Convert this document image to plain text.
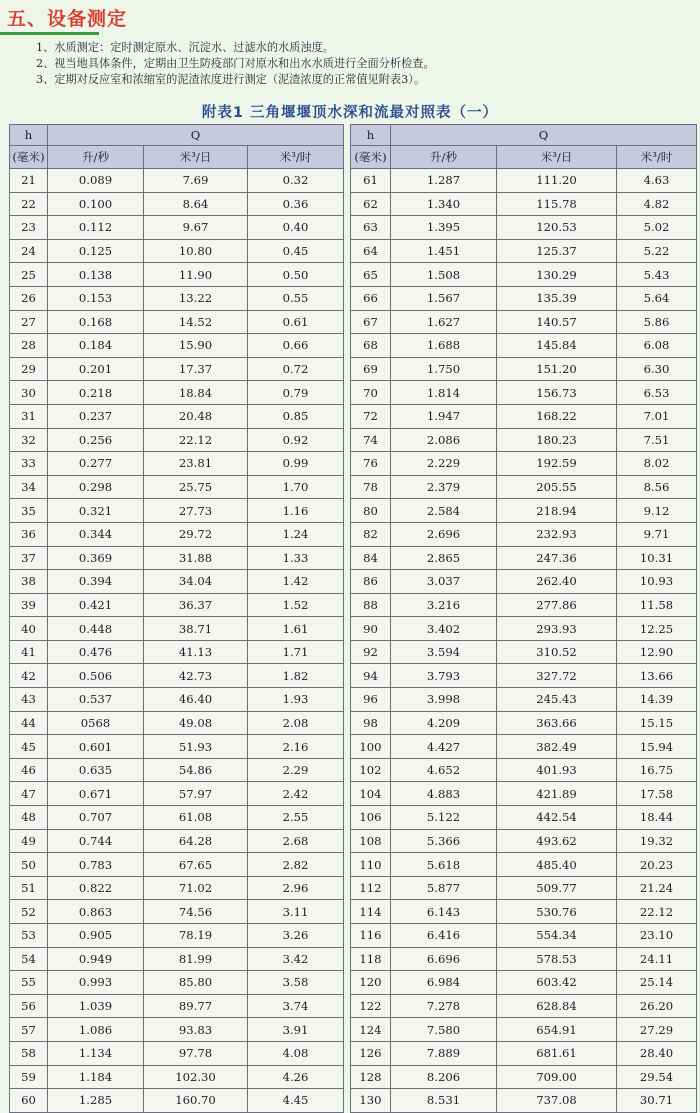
五、设备测定
1、水质测定：定时测定原水、沉淀水、过滤水的水质浊度。
2、视当地具体条件，定期由卫生防疫部门对原水和出水水质进行全面分析检查。
3、定期对反应室和浓缩室的泥渣浓度进行测定（泥渣浓度的正常值见附表3）。
附表1 三角堰堰顶水深和流最对照表（一）
h	Q		
(毫米)	升/秒	米³/日	米³/时
21	0.089	7.69	0.32
22	0.100	8.64	0.36
23	0.112	9.67	0.40
24	0.125	10.80	0.45
25	0.138	11.90	0.50
26	0.153	13.22	0.55
27	0.168	14.52	0.61
28	0.184	15.90	0.66
29	0.201	17.37	0.72
30	0.218	18.84	0.79
31	0.237	20.48	0.85
32	0.256	22.12	0.92
33	0.277	23.81	0.99
34	0.298	25.75	1.70
35	0.321	27.73	1.16
36	0.344	29.72	1.24
37	0.369	31.88	1.33
38	0.394	34.04	1.42
39	0.421	36.37	1.52
40	0.448	38.71	1.61
41	0.476	41.13	1.71
42	0.506	42.73	1.82
43	0.537	46.40	1.93
44	0568	49.08	2.08
45	0.601	51.93	2.16
46	0.635	54.86	2.29
47	0.671	57.97	2.42
48	0.707	61.08	2.55
49	0.744	64.28	2.68
50	0.783	67.65	2.82
51	0.822	71.02	2.96
52	0.863	74.56	3.11
53	0.905	78.19	3.26
54	0.949	81.99	3.42
55	0.993	85.80	3.58
56	1.039	89.77	3.74
57	1.086	93.83	3.91
58	1.134	97.78	4.08
59	1.184	102.30	4.26
60	1.285	160.70	4.45
h	Q		
(毫米)	升/秒	米³/日	米³/时
61	1.287	111.20	4.63
62	1.340	115.78	4.82
63	1.395	120.53	5.02
64	1.451	125.37	5.22
65	1.508	130.29	5.43
66	1.567	135.39	5.64
67	1.627	140.57	5.86
68	1.688	145.84	6.08
69	1.750	151.20	6.30
70	1.814	156.73	6.53
72	1.947	168.22	7.01
74	2.086	180.23	7.51
76	2.229	192.59	8.02
78	2.379	205.55	8.56
80	2.584	218.94	9.12
82	2.696	232.93	9.71
84	2.865	247.36	10.31
86	3.037	262.40	10.93
88	3.216	277.86	11.58
90	3.402	293.93	12.25
92	3.594	310.52	12.90
94	3.793	327.72	13.66
96	3.998	245.43	14.39
98	4.209	363.66	15.15
100	4.427	382.49	15.94
102	4.652	401.93	16.75
104	4.883	421.89	17.58
106	5.122	442.54	18.44
108	5.366	493.62	19.32
110	5.618	485.40	20.23
112	5.877	509.77	21.24
114	6.143	530.76	22.12
116	6.416	554.34	23.10
118	6.696	578.53	24.11
120	6.984	603.42	25.14
122	7.278	628.84	26.20
124	7.580	654.91	27.29
126	7.889	681.61	28.40
128	8.206	709.00	29.54
130	8.531	737.08	30.71
